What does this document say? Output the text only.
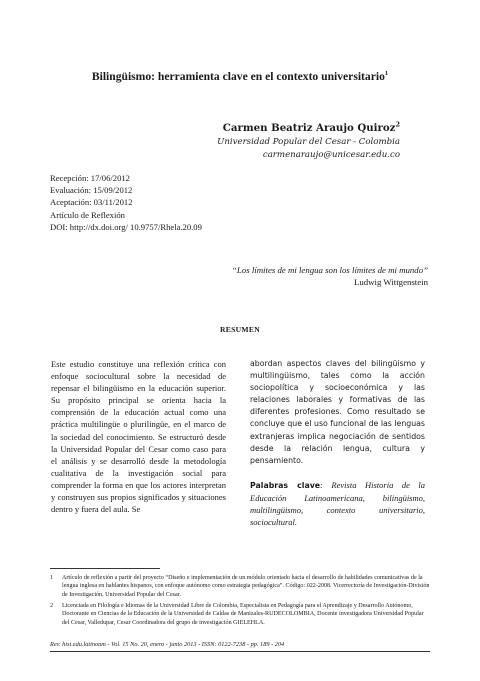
Bilingüismo: herramienta clave en el contexto universitario$^1$
Carmen Beatriz Araujo Quiroz$^2$
Universidad Popular del Cesar - Colombia
carmenaraujo@unicesar.edu.co
Recepción: 17/06/2012
Evaluación: 15/09/2012
Aceptación: 03/11/2012
Artículo de Reflexión
DOI: http://dx.doi.org/ 10.9757/Rhela.20.09
“Los límites de mi lengua son los límites de mi mundo”
Ludwig Wittgenstein
RESUMEN

Este estudio constituye una reflexión crítica con enfoque sociocultural sobre la necesidad de repensar el bilingüismo en la educación superior. Su propósito principal se orienta hacia la comprensión de la educación actual como una práctica multilingüe o plurilingüe, en el marco de la sociedad del conocimiento. Se estructuró desde la Universidad Popular del Cesar como caso para el análisis y se desarrolló desde la metodología cualitativa de la investigación social para comprender la forma en que los actores interpretan y construyen sus propios significados y situaciones dentro y fuera del aula. Se

abordan aspectos claves del bilingüismo y multilingüismo, tales como la acción sociopolítica y socioeconómica y las relaciones laborales y formativas de las diferentes profesiones. Como resultado se concluye que el uso funcional de las lenguas extranjeras implica negociación de sentidos desde la relación lengua, cultura y pensamiento.

Palabras clave: Revista Historia de la Educación Latinoamericana, bilingüismo, multilingüismo, contexto universitario, sociocultural.

1	Artículo de reflexión a partir del proyecto “Diseño e implementación de un módulo orientado hacia el desarrollo de habilidades comunicativas de la lengua inglesa en hablantes hispanos, con enfoque autónomo como estrategia pedagógica”. Código: 022-2008. Vicerrectoría de Investigación-División de Investigación. Universidad Popular del Cesar.
2	Licenciada en Filología e Idiomas de la Universidad Libre de Colombia, Especialista en Pedagogía para el Aprendizaje y Desarrollo Autónomo, Doctorante en Ciencias de la Educación de la Universidad de Caldas de Manizales-RUDECOLOMBIA, Docente investigadora Universidad Popular del Cesar, Valledupar, Cesar Coordinadora del grupo de investigación GIELEHLA.
Rev. hist.edu.latinoam - Vol. 15 No. 20, enero - junio 2013 - ISSN: 0122-7238 - pp. 189 - 204
